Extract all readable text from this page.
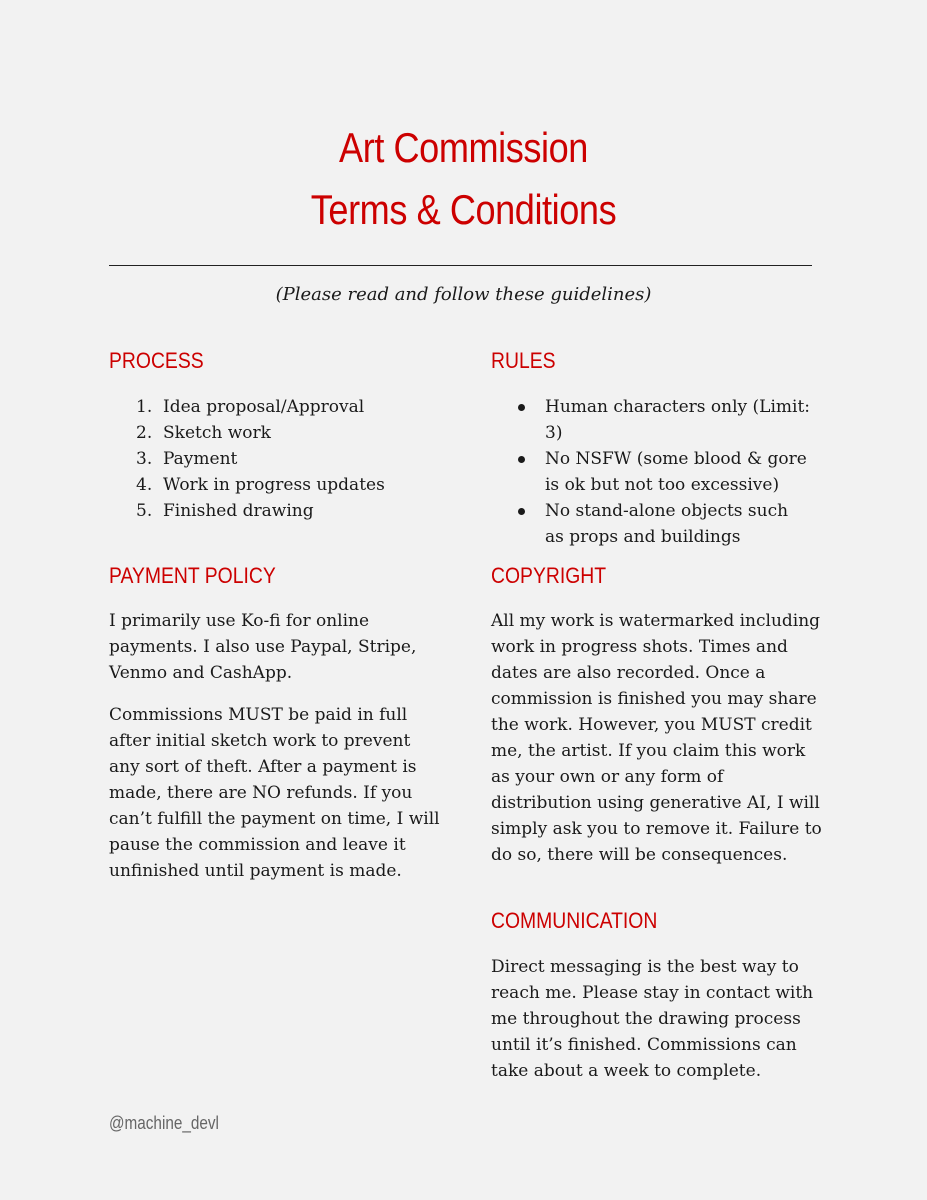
Art Commission
Terms & Conditions
(Please read and follow these guidelines)
PROCESS
1. Idea proposal/Approval
2. Sketch work
3. Payment
4. Work in progress updates
5. Finished drawing
PAYMENT POLICY
I primarily use Ko-fi for online payments. I also use Paypal, Stripe, Venmo and CashApp.
Commissions MUST be paid in full after initial sketch work to prevent any sort of theft. After a payment is made, there are NO refunds. If you can’t fulfill the payment on time, I will pause the commission and leave it unfinished until payment is made.
RULES
Human characters only (Limit: 3)
No NSFW (some blood & gore is ok but not too excessive)
No stand-alone objects such as props and buildings
COPYRIGHT
All my work is watermarked including work in progress shots. Times and dates are also recorded. Once a commission is finished you may share the work. However, you MUST credit me, the artist. If you claim this work as your own or any form of distribution using generative AI, I will simply ask you to remove it. Failure to do so, there will be consequences.
COMMUNICATION
Direct messaging is the best way to reach me. Please stay in contact with me throughout the drawing process until it’s finished. Commissions can take about a week to complete.
@machine_devl
